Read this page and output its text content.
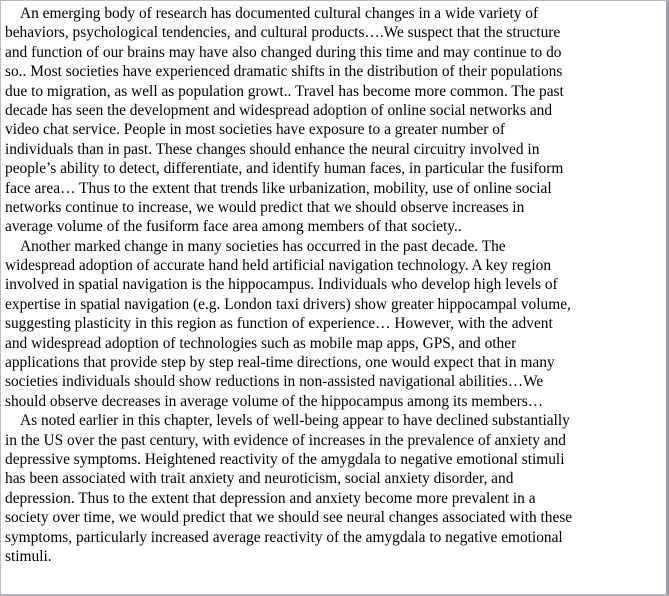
An emerging body of research has documented cultural changes in a wide variety of
behaviors, psychological tendencies, and cultural products….We suspect that the structure
and function of our brains may have also changed during this time and may continue to do
so.. Most societies have experienced dramatic shifts in the distribution of their populations
due to migration, as well as population growt.. Travel has become more common. The past
decade has seen the development and widespread adoption of online social networks and
video chat service. People in most societies have exposure to a greater number of
individuals than in past. These changes should enhance the neural circuitry involved in
people’s ability to detect, differentiate, and identify human faces, in particular the fusiform
face area… Thus to the extent that trends like urbanization, mobility, use of online social
networks continue to increase, we would predict that we should observe increases in
average volume of the fusiform face area among members of that society..
Another marked change in many societies has occurred in the past decade. The
widespread adoption of accurate hand held artificial navigation technology. A key region
involved in spatial navigation is the hippocampus. Individuals who develop high levels of
expertise in spatial navigation (e.g. London taxi drivers) show greater hippocampal volume,
suggesting plasticity in this region as function of experience… However, with the advent
and widespread adoption of technologies such as mobile map apps, GPS, and other
applications that provide step by step real-time directions, one would expect that in many
societies individuals should show reductions in non-assisted navigational abilities…We
should observe decreases in average volume of the hippocampus among its members…
As noted earlier in this chapter, levels of well-being appear to have declined substantially
in the US over the past century, with evidence of increases in the prevalence of anxiety and
depressive symptoms. Heightened reactivity of the amygdala to negative emotional stimuli
has been associated with trait anxiety and neuroticism, social anxiety disorder, and
depression. Thus to the extent that depression and anxiety become more prevalent in a
society over time, we would predict that we should see neural changes associated with these
symptoms, particularly increased average reactivity of the amygdala to negative emotional
stimuli.
